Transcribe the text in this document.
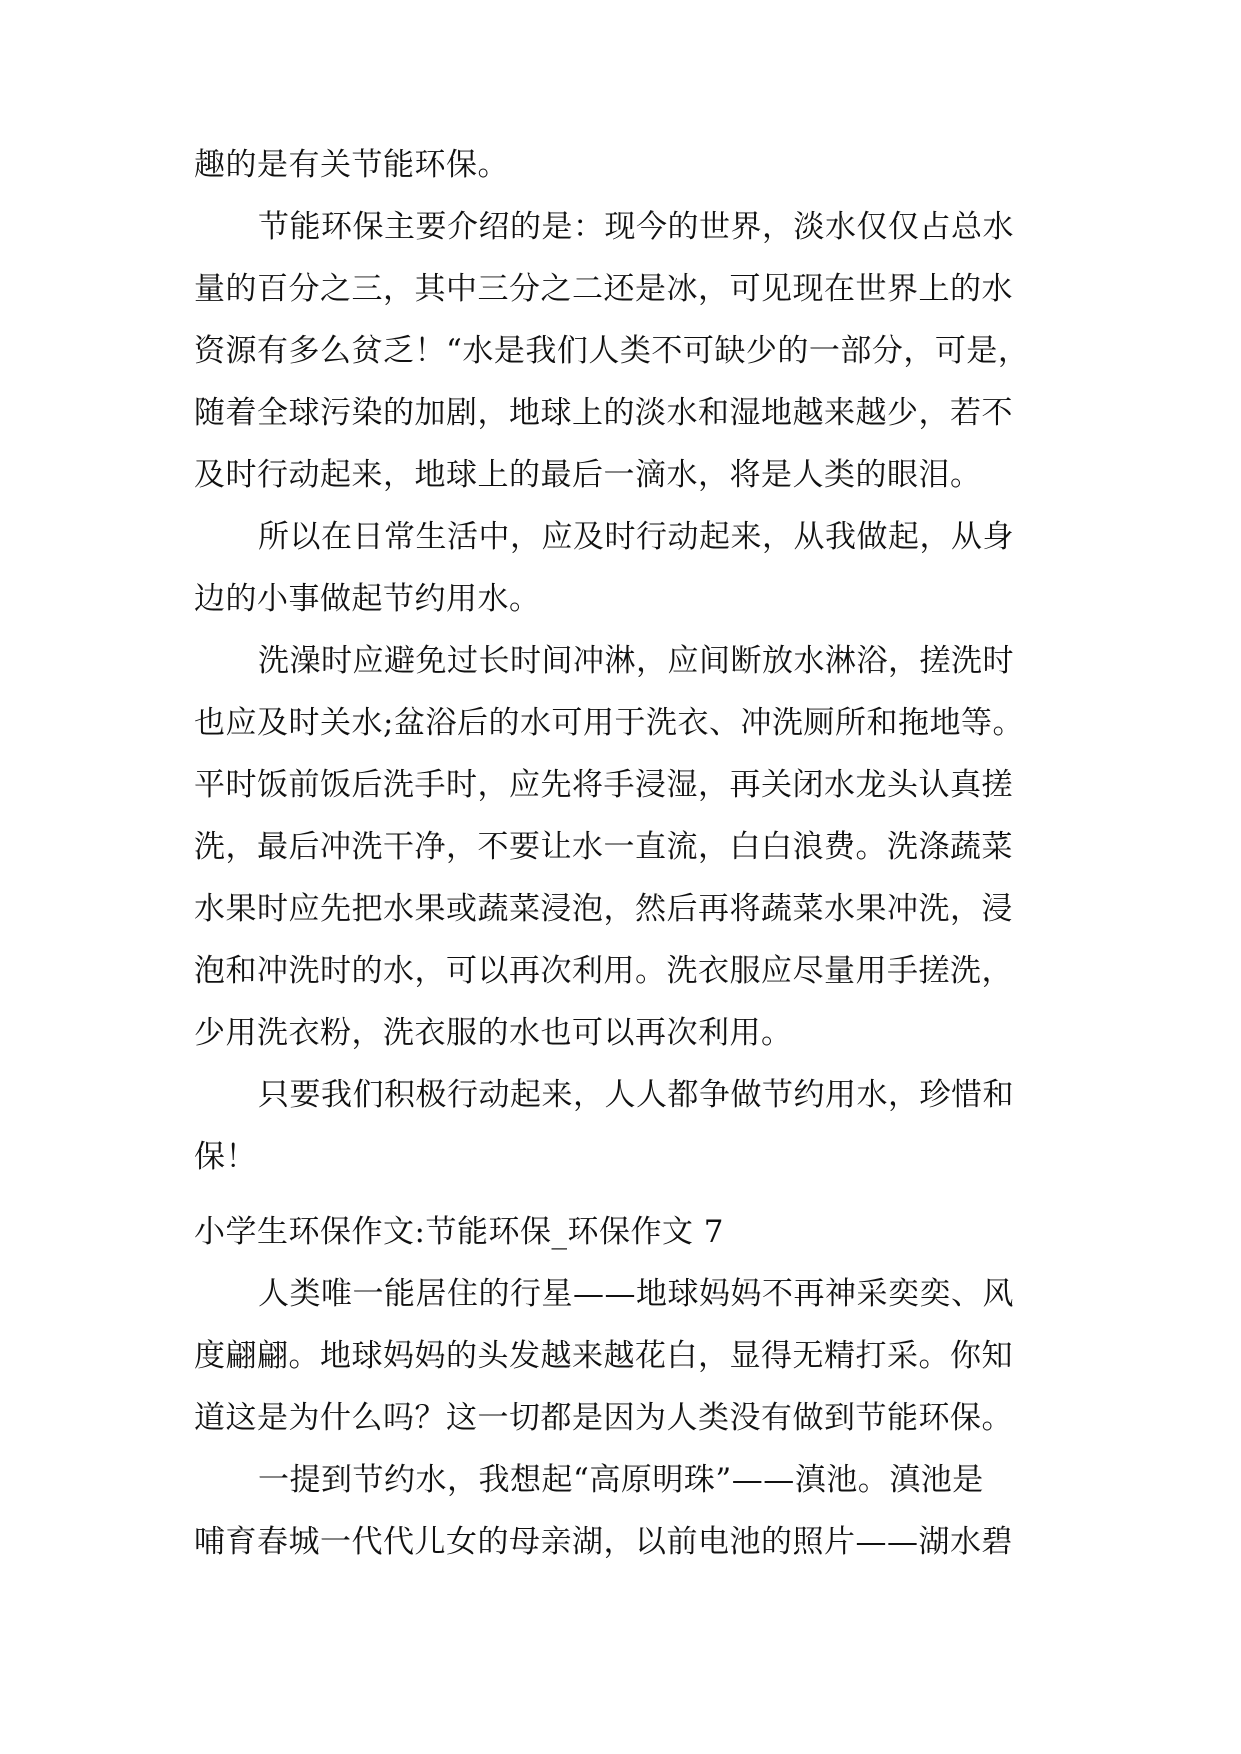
趣的是有关节能环保。
节能环保主要介绍的是：现今的世界，淡水仅仅占总水
量的百分之三，其中三分之二还是冰，可见现在世界上的水
资源有多么贫乏！“水是我们人类不可缺少的一部分，可是，
随着全球污染的加剧，地球上的淡水和湿地越来越少，若不
及时行动起来，地球上的最后一滴水，将是人类的眼泪。
所以在日常生活中，应及时行动起来，从我做起，从身
边的小事做起节约用水。
洗澡时应避免过长时间冲淋，应间断放水淋浴，搓洗时
也应及时关水;盆浴后的水可用于洗衣、冲洗厕所和拖地等。
平时饭前饭后洗手时，应先将手浸湿，再关闭水龙头认真搓
洗，最后冲洗干净，不要让水一直流，白白浪费。洗涤蔬菜
水果时应先把水果或蔬菜浸泡，然后再将蔬菜水果冲洗，浸
泡和冲洗时的水，可以再次利用。洗衣服应尽量用手搓洗，
少用洗衣粉，洗衣服的水也可以再次利用。
只要我们积极行动起来，人人都争做节约用水，珍惜和
保！
小学生环保作文:节能环保_环保作文 7
人类唯一能居住的行星——地球妈妈不再神采奕奕、风
度翩翩。地球妈妈的头发越来越花白，显得无精打采。你知
道这是为什么吗？这一切都是因为人类没有做到节能环保。
一提到节约水，我想起“高原明珠”——滇池。滇池是
哺育春城一代代儿女的母亲湖，以前电池的照片——湖水碧
